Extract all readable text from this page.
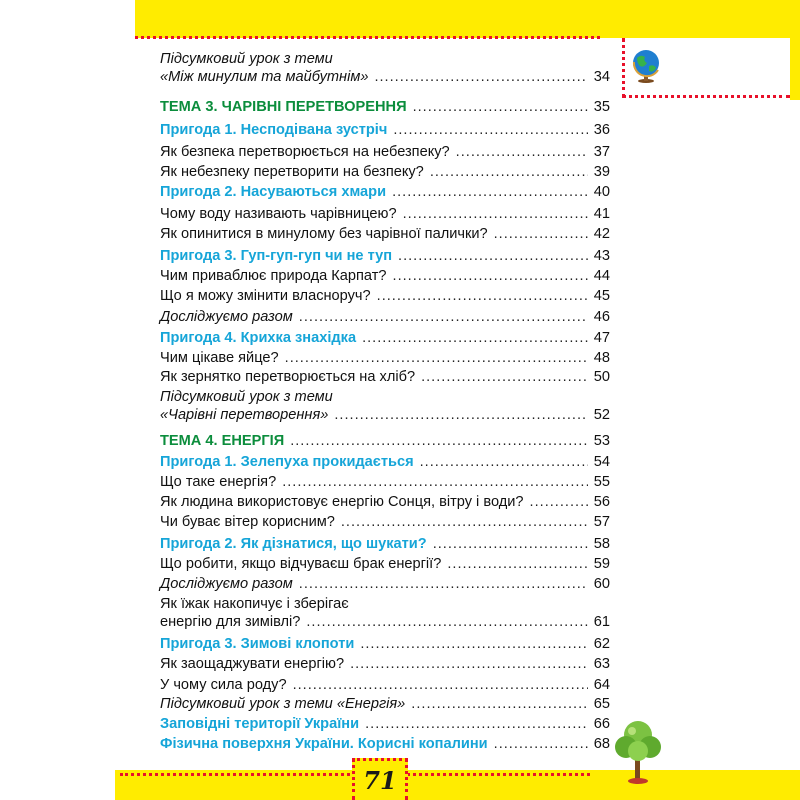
71
Підсумковий урок з теми
«Між минулим та майбутнім» .....	34
ТЕМА 3. ЧАРІВНІ ПЕРЕТВОРЕННЯ .....	35
Пригода 1. Несподівана зустріч .....	36
Як безпека перетворюється на небезпеку? .....	37
Як небезпеку перетворити на безпеку? .....	39
Пригода 2. Насуваються хмари .....	40
Чому воду називають чарівницею? .....	41
Як опинитися в минулому без чарівної палички? .....	42
Пригода 3. Гуп-гуп-гуп чи не туп .....	43
Чим приваблює природа Карпат? .....	44
Що я можу змінити власноруч? .....	45
Досліджуємо разом .....	46
Пригода 4. Крихка знахідка .....	47
Чим цікаве яйце? .....	48
Як зернятко перетворюється на хліб? .....	50
Підсумковий урок з теми
«Чарівні перетворення» .....	52
ТЕМА 4. ЕНЕРГІЯ .....	53
Пригода 1. Зелепуха прокидається .....	54
Що таке енергія? .....	55
Як людина використовує енергію Сонця, вітру і води? .....	56
Чи буває вітер корисним? .....	57
Пригода 2. Як дізнатися, що шукати? .....	58
Що робити, якщо відчуваєш брак енергії? .....	59
Досліджуємо разом .....	60
Як їжак накопичує і зберігає
енергію для зимівлі? .....	61
Пригода 3. Зимові клопоти .....	62
Як заощаджувати енергію? .....	63
У чому сила роду? .....	64
Підсумковий урок з теми «Енергія» .....	65
Заповідні території України .....	66
Фізична поверхня України. Корисні копалини .....	68
